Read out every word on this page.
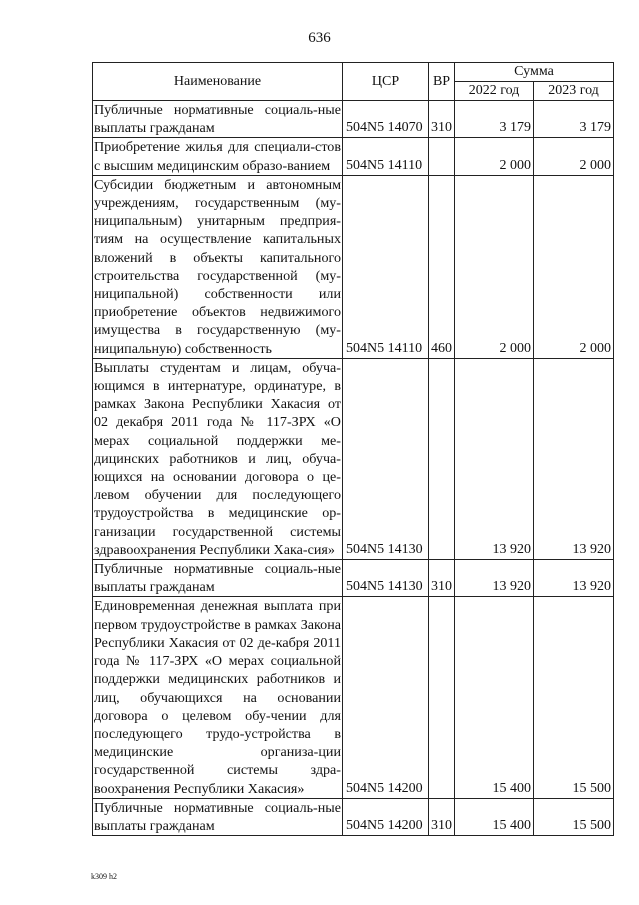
636
Наименование	ЦСР	ВР	Сумма	
			2022 год	2023 год
Публичные нормативные социаль-ные выплаты гражданам	504N5 14070	310	3 179	3 179
Приобретение жилья для специали-стов с высшим медицинским образо-ванием	504N5 14110		2 000	2 000
Субсидии бюджетным и автономным учреждениям, государственным (му-ниципальным) унитарным предприя-тиям на осуществление капитальных вложений в объекты капитального строительства государственной (му-ниципальной) собственности или приобретение объектов недвижимого имущества в государственную (му-ниципальную) собственность	504N5 14110	460	2 000	2 000
Выплаты студентам и лицам, обуча-ющимся в интернатуре, ординатуре, в рамках Закона Республики Хакасия от 02 декабря 2011 года № 117-ЗРХ «О мерах социальной поддержки ме-дицинских работников и лиц, обуча-ющихся на основании договора о це-левом обучении для последующего трудоустройства в медицинские ор-ганизации государственной системы здравоохранения Республики Хака-сия»	504N5 14130		13 920	13 920
Публичные нормативные социаль-ные выплаты гражданам	504N5 14130	310	13 920	13 920
Единовременная денежная выплата при первом трудоустройстве в рамках Закона Республики Хакасия от 02 де-кабря 2011 года № 117-ЗРХ «О мерах социальной поддержки медицинских работников и лиц, обучающихся на основании договора о целевом обу-чении для последующего трудо-устройства в медицинские организа-ции государственной системы здра-воохранения Республики Хакасия»	504N5 14200		15 400	15 500
Публичные нормативные социаль-ные выплаты гражданам	504N5 14200	310	15 400	15 500
k309 h2
